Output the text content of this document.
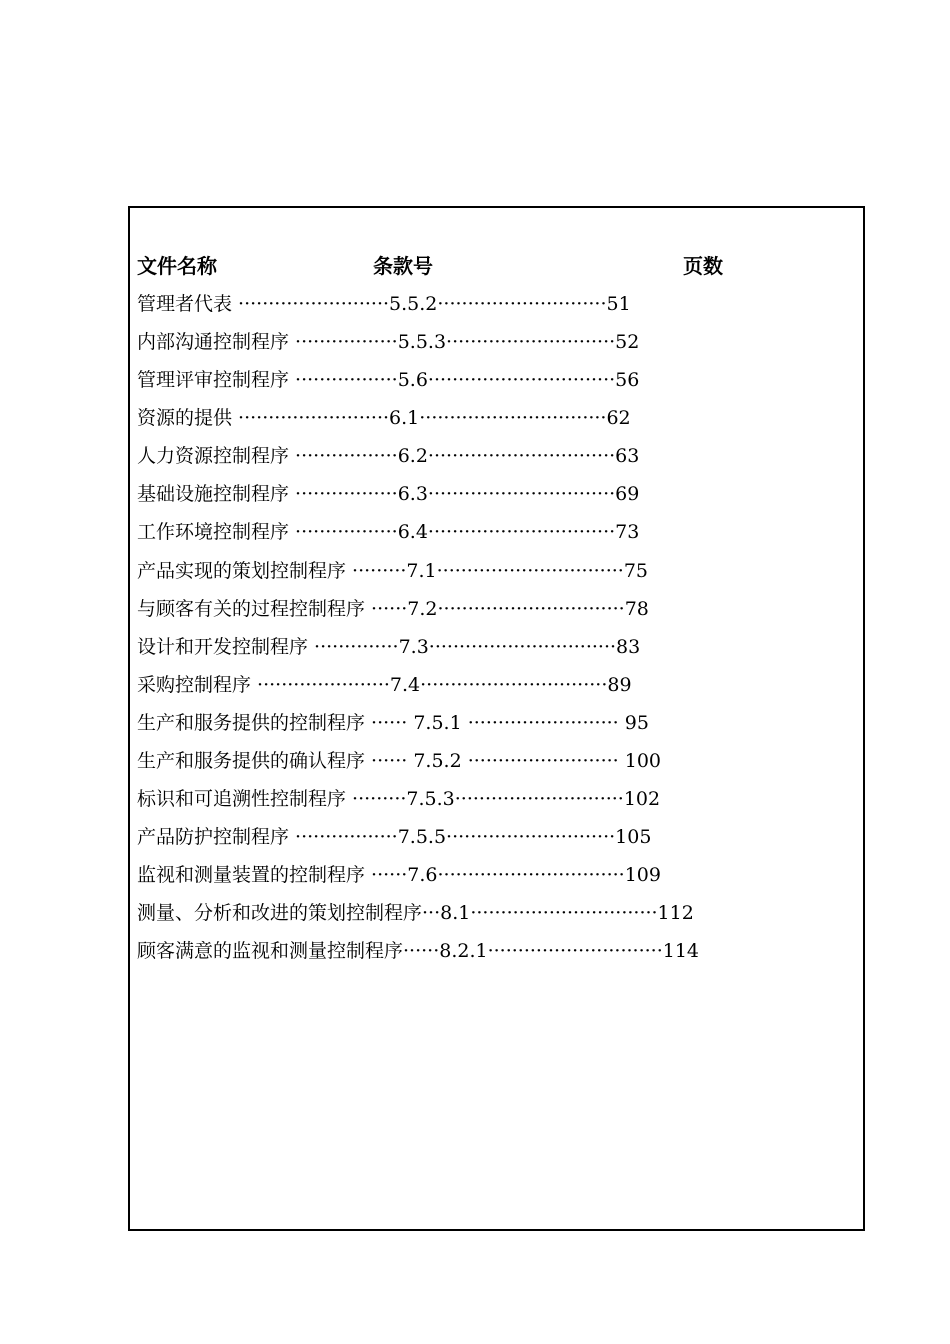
文件名称	条款号	页数
管理者代表 ·························5.5.2····························51
内部沟通控制程序 ·················5.5.3····························52
管理评审控制程序 ·················5.6·······························56
资源的提供 ·························6.1·······························62
人力资源控制程序 ·················6.2·······························63
基础设施控制程序 ·················6.3·······························69
工作环境控制程序 ·················6.4·······························73
产品实现的策划控制程序 ·········7.1·······························75
与顾客有关的过程控制程序 ······7.2·······························78
设计和开发控制程序 ··············7.3·······························83
采购控制程序 ······················7.4·······························89
生产和服务提供的控制程序 ······ 7.5.1 ························· 95
生产和服务提供的确认程序 ······ 7.5.2 ························· 100
标识和可追溯性控制程序 ·········7.5.3····························102
产品防护控制程序 ·················7.5.5····························105
监视和测量装置的控制程序 ······7.6·······························109
测量、分析和改进的策划控制程序···8.1·······························112
顾客满意的监视和测量控制程序······8.2.1·····························114
